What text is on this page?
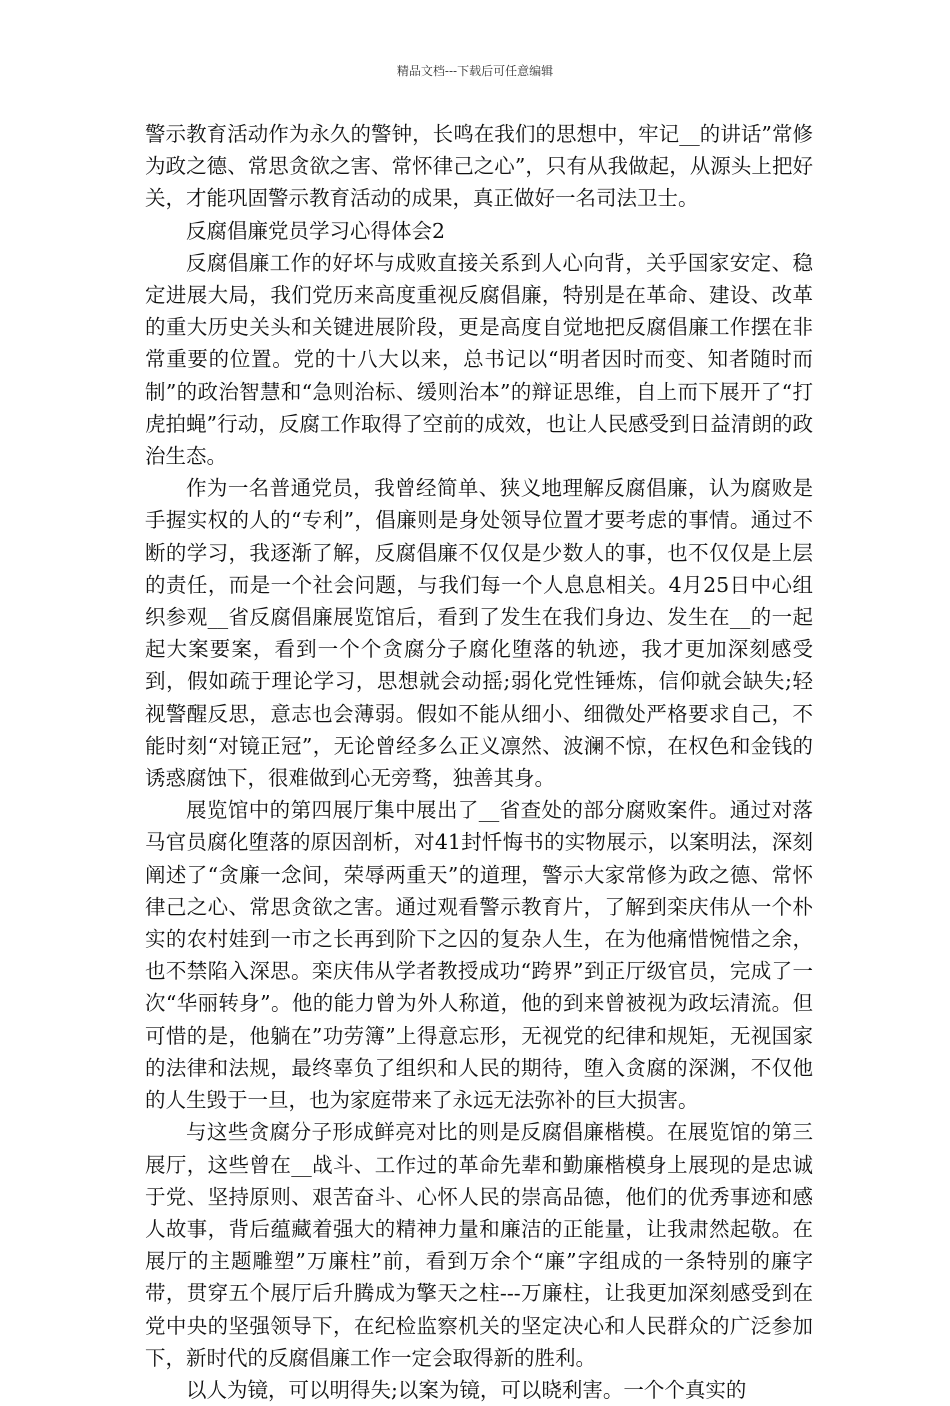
精品文档---下载后可任意编辑

警示教育活动作为永久的警钟，长鸣在我们的思想中，牢记__的讲话”常修为政之德、常思贪欲之害、常怀律己之心”，只有从我做起，从源头上把好关，才能巩固警示教育活动的成果，真正做好一名司法卫士。

反腐倡廉党员学习心得体会2

反腐倡廉工作的好坏与成败直接关系到人心向背，关乎国家安定、稳定进展大局，我们党历来高度重视反腐倡廉，特别是在革命、建设、改革的重大历史关头和关键进展阶段，更是高度自觉地把反腐倡廉工作摆在非常重要的位置。党的十八大以来，总书记以“明者因时而变、知者随时而制”的政治智慧和“急则治标、缓则治本”的辩证思维，自上而下展开了“打虎拍蝇”行动，反腐工作取得了空前的成效，也让人民感受到日益清朗的政治生态。

作为一名普通党员，我曾经简单、狭义地理解反腐倡廉，认为腐败是手握实权的人的“专利”，倡廉则是身处领导位置才要考虑的事情。通过不断的学习，我逐渐了解，反腐倡廉不仅仅是少数人的事，也不仅仅是上层的责任，而是一个社会问题，与我们每一个人息息相关。4月25日中心组织参观__省反腐倡廉展览馆后，看到了发生在我们身边、发生在__的一起起大案要案，看到一个个贪腐分子腐化堕落的轨迹，我才更加深刻感受到，假如疏于理论学习，思想就会动摇;弱化党性锤炼，信仰就会缺失;轻视警醒反思，意志也会薄弱。假如不能从细小、细微处严格要求自己，不能时刻“对镜正冠”，无论曾经多么正义凛然、波澜不惊，在权色和金钱的诱惑腐蚀下，很难做到心无旁骛，独善其身。

展览馆中的第四展厅集中展出了__省查处的部分腐败案件。通过对落马官员腐化堕落的原因剖析，对41封忏悔书的实物展示，以案明法，深刻阐述了“贪廉一念间，荣辱两重天”的道理，警示大家常修为政之德、常怀律己之心、常思贪欲之害。通过观看警示教育片，了解到栾庆伟从一个朴实的农村娃到一市之长再到阶下之囚的复杂人生，在为他痛惜惋惜之余，也不禁陷入深思。栾庆伟从学者教授成功“跨界”到正厅级官员，完成了一次“华丽转身”。他的能力曾为外人称道，他的到来曾被视为政坛清流。但可惜的是，他躺在”功劳簿”上得意忘形，无视党的纪律和规矩，无视国家的法律和法规，最终辜负了组织和人民的期待，堕入贪腐的深渊，不仅他的人生毁于一旦，也为家庭带来了永远无法弥补的巨大损害。

与这些贪腐分子形成鲜亮对比的则是反腐倡廉楷模。在展览馆的第三展厅，这些曾在__战斗、工作过的革命先辈和勤廉楷模身上展现的是忠诚于党、坚持原则、艰苦奋斗、心怀人民的崇高品德，他们的优秀事迹和感人故事，背后蕴藏着强大的精神力量和廉洁的正能量，让我肃然起敬。在展厅的主题雕塑”万廉柱”前，看到万余个“廉”字组成的一条特别的廉字带，贯穿五个展厅后升腾成为擎天之柱---万廉柱，让我更加深刻感受到在党中央的坚强领导下，在纪检监察机关的坚定决心和人民群众的广泛参加下，新时代的反腐倡廉工作一定会取得新的胜利。

以人为镜，可以明得失;以案为镜，可以晓利害。一个个真实的
